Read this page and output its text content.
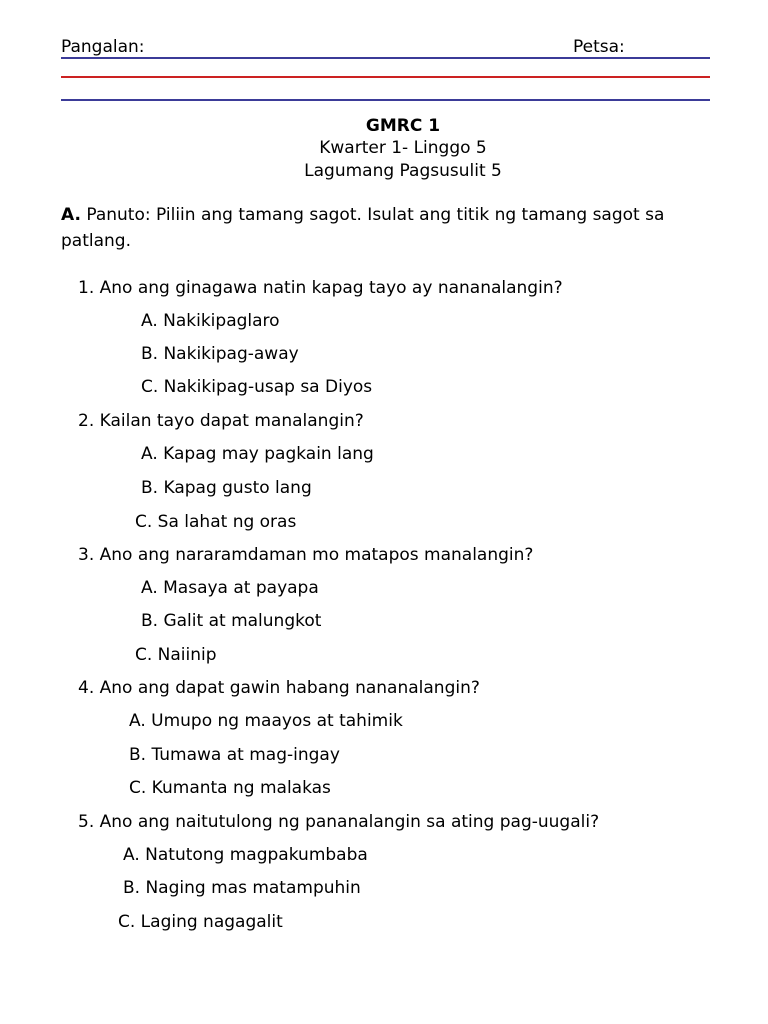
Pangalan:	Petsa:
GMRC 1
Kwarter 1- Linggo 5
Lagumang Pagsusulit 5
A. Panuto: Piliin ang tamang sagot. Isulat ang titik ng tamang sagot sa
patlang.
1. Ano ang ginagawa natin kapag tayo ay nananalangin?
A. Nakikipaglaro
B. Nakikipag-away
C. Nakikipag-usap sa Diyos
2. Kailan tayo dapat manalangin?
A. Kapag may pagkain lang
B. Kapag gusto lang
C. Sa lahat ng oras
3. Ano ang nararamdaman mo matapos manalangin?
A. Masaya at payapa
B. Galit at malungkot
C. Naiinip
4. Ano ang dapat gawin habang nananalangin?
A. Umupo ng maayos at tahimik
B. Tumawa at mag-ingay
C. Kumanta ng malakas
5. Ano ang naitutulong ng pananalangin sa ating pag-uugali?
A. Natutong magpakumbaba
B. Naging mas matampuhin
C. Laging nagagalit
